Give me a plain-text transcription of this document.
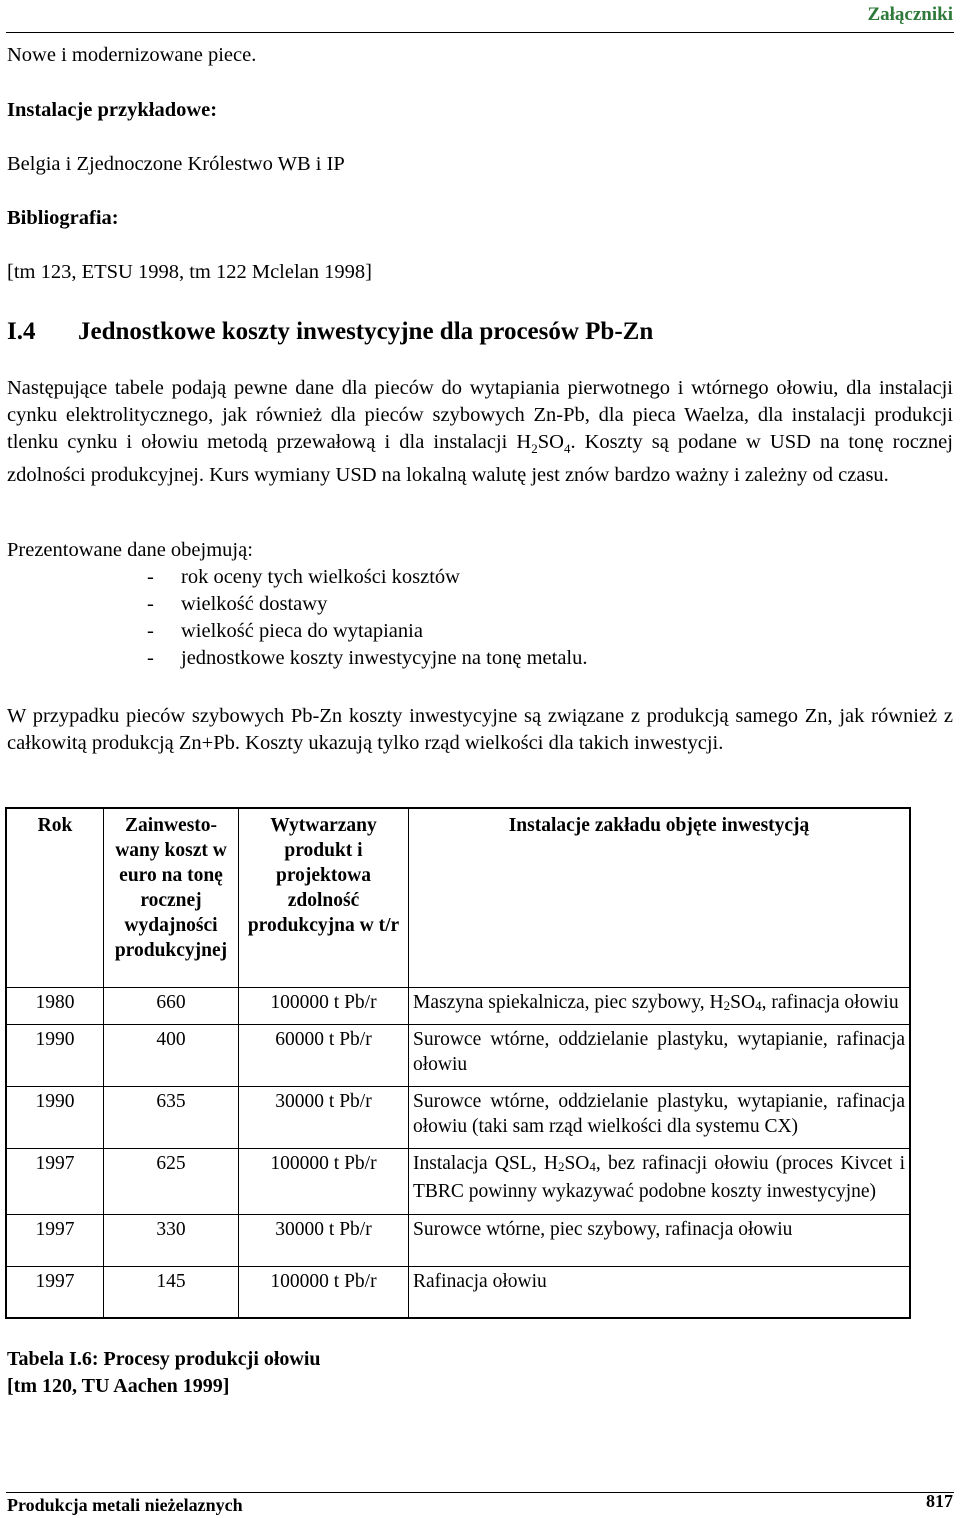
Załączniki
Nowe i modernizowane piece.
Instalacje przykładowe:
Belgia i Zjednoczone Królestwo WB i IP
Bibliografia:
[tm 123, ETSU 1998, tm 122 Mclelan 1998]
I.4 Jednostkowe koszty inwestycyjne dla procesów Pb-Zn
Następujące tabele podają pewne dane dla pieców do wytapiania pierwotnego i wtórnego ołowiu, dla instalacji cynku elektrolitycznego, jak również dla pieców szybowych Zn-Pb, dla pieca Waelza, dla instalacji produkcji tlenku cynku i ołowiu metodą przewałową i dla instalacji $H_2SO_4$. Koszty są podane w USD na tonę rocznej zdolności produkcyjnej. Kurs wymiany USD na lokalną walutę jest znów bardzo ważny i zależny od czasu.
Prezentowane dane obejmują:
- rok oceny tych wielkości kosztów
- wielkość dostawy
- wielkość pieca do wytapiania
- jednostkowe koszty inwestycyjne na tonę metalu.
W przypadku pieców szybowych Pb-Zn koszty inwestycyjne są związane z produkcją samego Zn, jak również z całkowitą produkcją Zn+Pb. Koszty ukazują tylko rząd wielkości dla takich inwestycji.
Rok	Zainwesto-wany koszt w euro na tonę rocznej wydajności produkcyjnej	Wytwarzany produkt i projektowa zdolność produkcyjna w t/r	Instalacje zakładu objęte inwestycją
1980	660	100000 t Pb/r	Maszyna spiekalnicza, piec szybowy, H2SO4, rafinacja ołowiu
1990	400	60000 t Pb/r	Surowce wtórne, oddzielanie plastyku, wytapianie, rafinacja ołowiu
1990	635	30000 t Pb/r	Surowce wtórne, oddzielanie plastyku, wytapianie, rafinacja ołowiu (taki sam rząd wielkości dla systemu CX)
1997	625	100000 t Pb/r	Instalacja QSL, H2SO4, bez rafinacji ołowiu (proces Kivcet i TBRC powinny wykazywać podobne koszty inwestycyjne)
1997	330	30000 t Pb/r	Surowce wtórne, piec szybowy, rafinacja ołowiu
1997	145	100000 t Pb/r	Rafinacja ołowiu
Tabela I.6: Procesy produkcji ołowiu
[tm 120, TU Aachen 1999]
Produkcja metali nieżelaznych	817
